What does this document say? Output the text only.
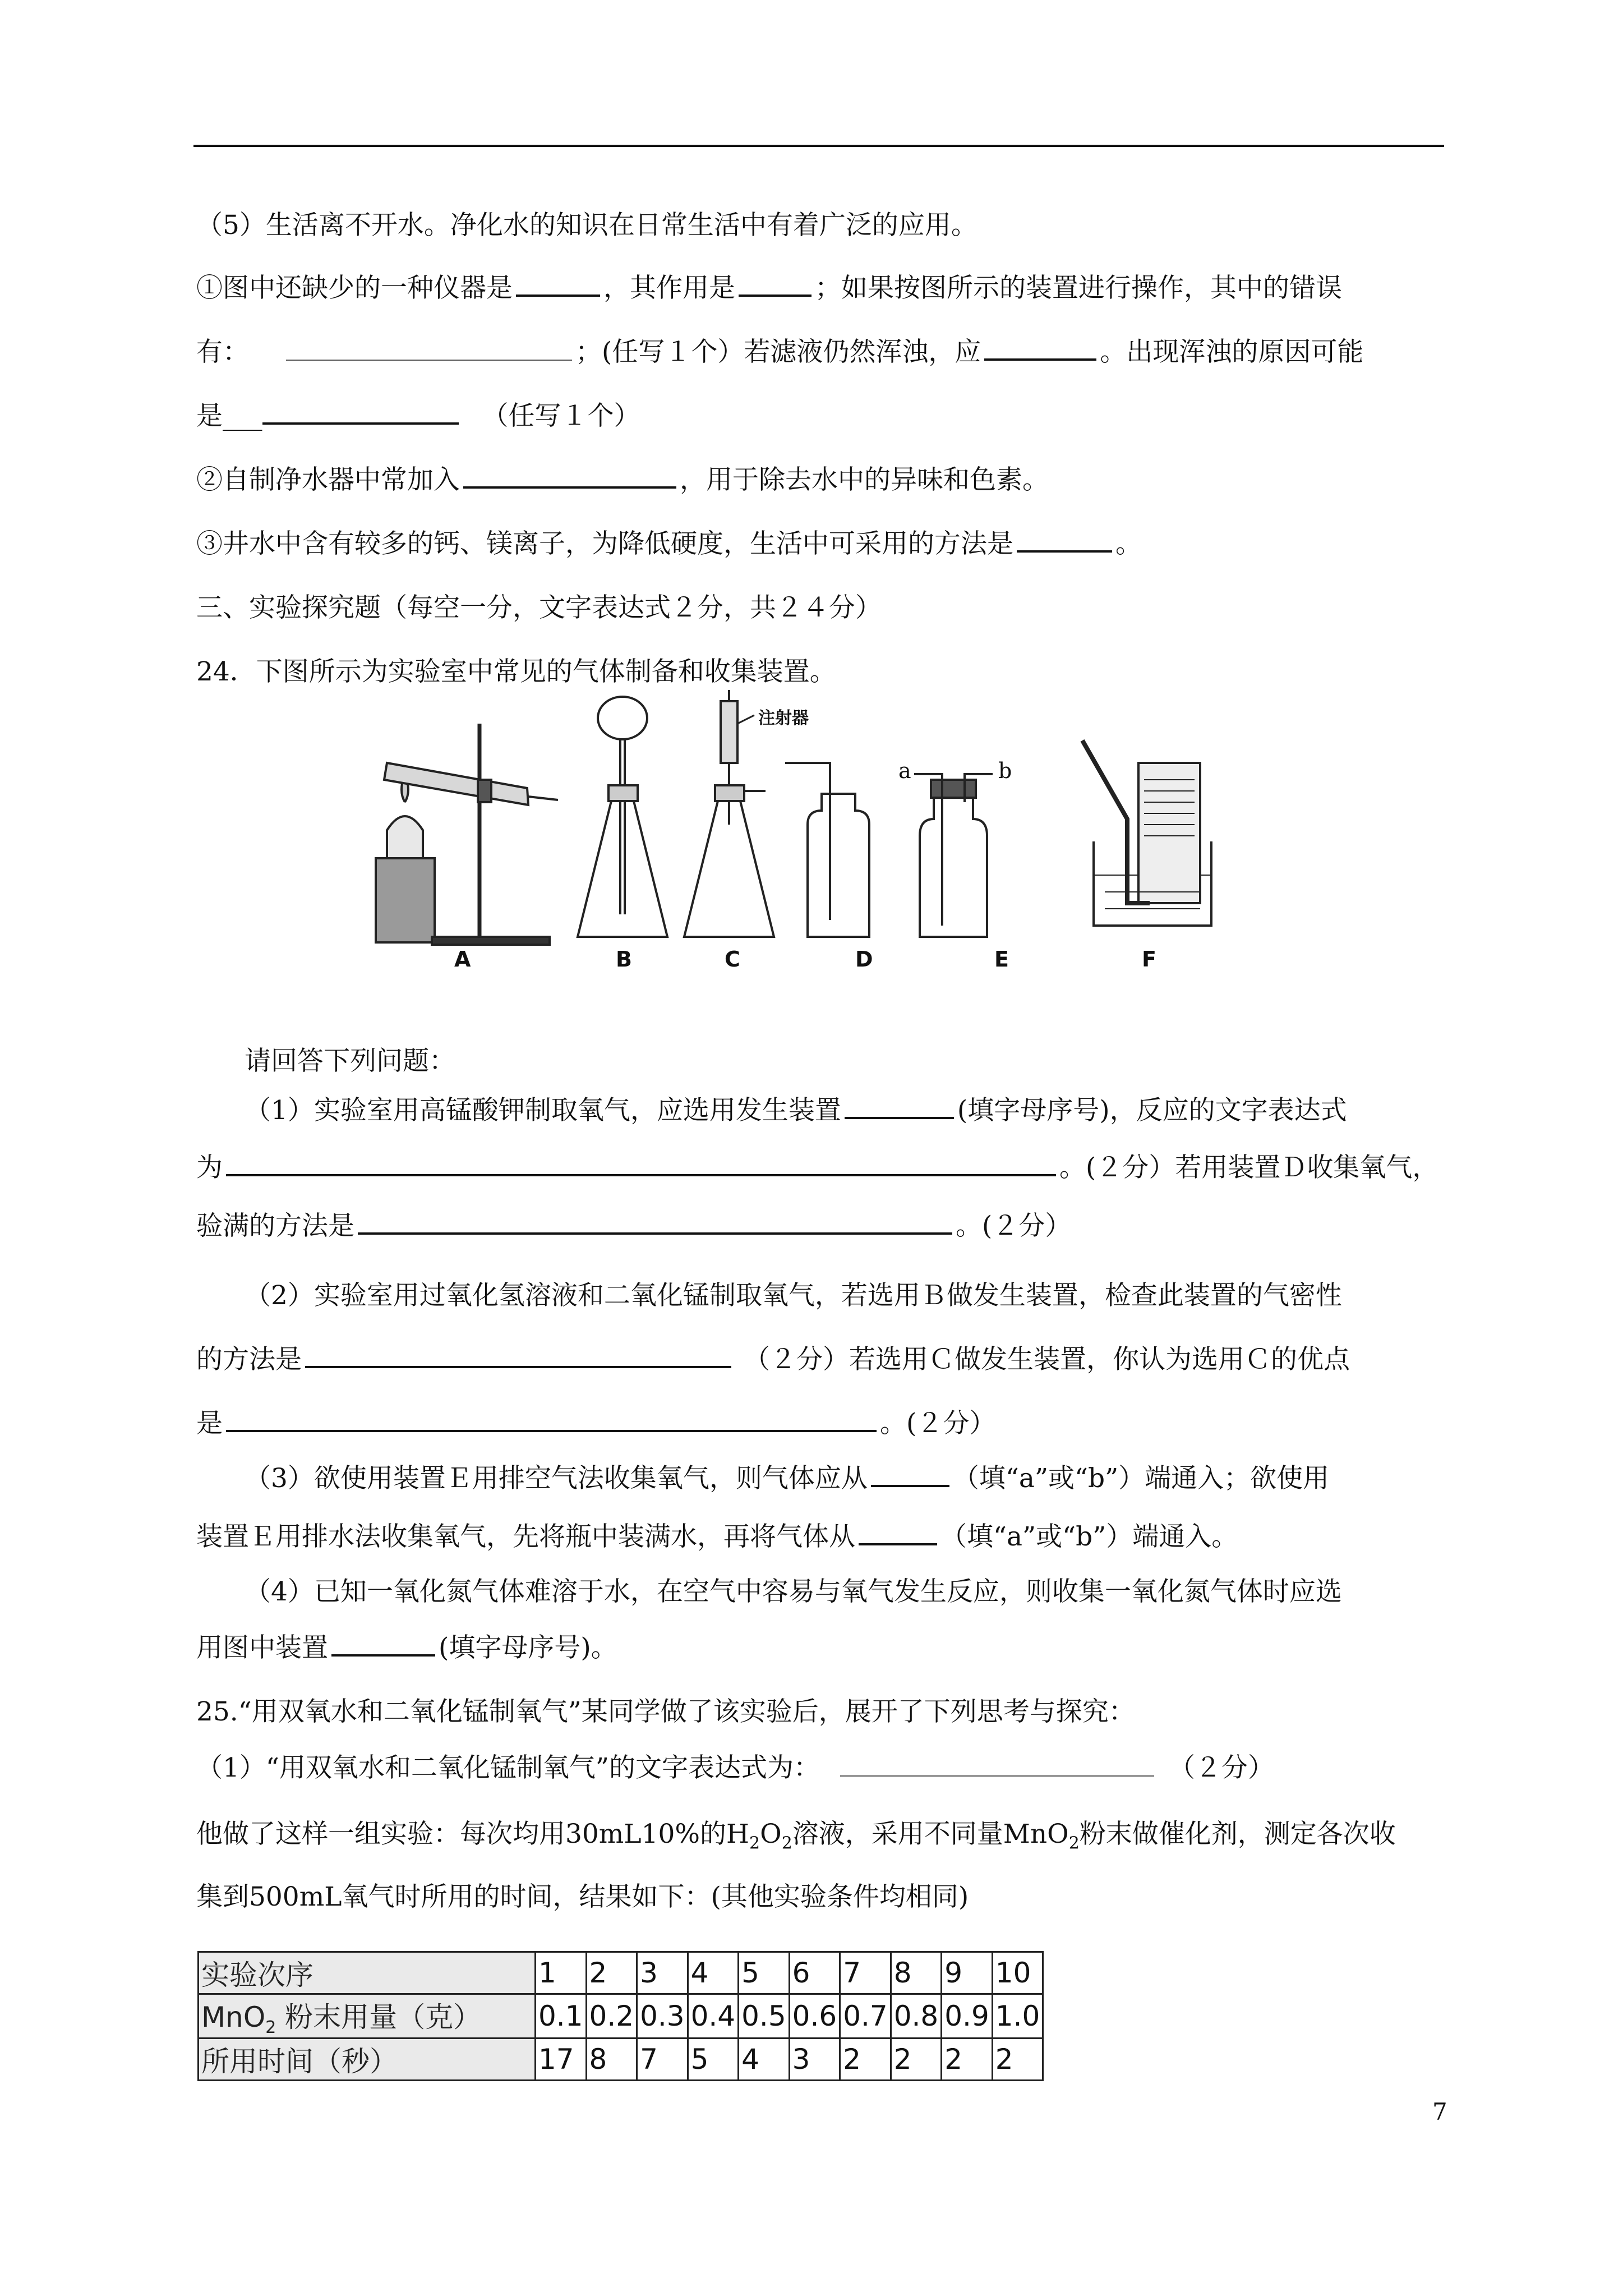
（5）生活离不开水。净化水的知识在日常生活中有着广泛的应用。
①图中还缺少的一种仪器是	，其作用是	；如果按图所示的装置进行操作，其中的错误
有：	；(任写１个）若滤液仍然浑浊，应	。出现浑浊的原因可能
是___	（任写１个）
②自制净水器中常加入	，用于除去水中的异味和色素。
③井水中含有较多的钙、镁离子，为降低硬度，生活中可采用的方法是	。
三、实验探究题（每空一分，文字表达式２分，共２４分）
24．下图所示为实验室中常见的气体制备和收集装置。
注射器
a	b
A	B	C	D	E	F
请回答下列问题：
（1）实验室用高锰酸钾制取氧气，应选用发生装置	(填字母序号)，反应的文字表达式
为	。(２分）若用装置Ｄ收集氧气，
验满的方法是	。(２分）
（2）实验室用过氧化氢溶液和二氧化锰制取氧气，若选用Ｂ做发生装置，检查此装置的气密性
的方法是	（２分）若选用Ｃ做发生装置，你认为选用Ｃ的优点
是	。(２分）
（3）欲使用装置Ｅ用排空气法收集氧气，则气体应从	（填“a”或“b”）端通入；欲使用
装置Ｅ用排水法收集氧气，先将瓶中装满水，再将气体从	（填“a”或“b”）端通入。
（4）已知一氧化氮气体难溶于水，在空气中容易与氧气发生反应，则收集一氧化氮气体时应选
用图中装置	(填字母序号)。
25.“用双氧水和二氧化锰制氧气”某同学做了该实验后，展开了下列思考与探究：
（1）“用双氧水和二氧化锰制氧气”的文字表达式为：	（２分）
他做了这样一组实验：每次均用30mL10%的$H_2O_2$溶液，采用不同量MnO$_2$粉末做催化剂，测定各次收
集到500mL氧气时所用的时间，结果如下：(其他实验条件均相同)
实验次序	1	2	3	4	5	6	7	8	9	10
MnO$_2$ 粉末用量（克）	0.1	0.2	0.3	0.4	0.5	0.6	0.7	0.8	0.9	1.0
所用时间（秒）	17	8	7	5	4	3	2	2	2	2
7
